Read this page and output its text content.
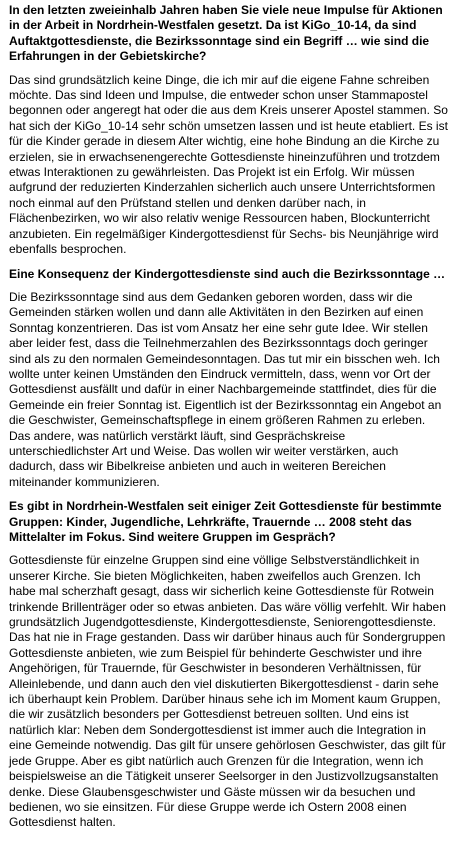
In den letzten zweieinhalb Jahren haben Sie viele neue Impulse für Aktionen in der Arbeit in Nordrhein-Westfalen gesetzt. Da ist KiGo_10-14, da sind Auftaktgottesdienste, die Bezirkssonntage sind ein Begriff … wie sind die Erfahrungen in der Gebietskirche?

Das sind grundsätzlich keine Dinge, die ich mir auf die eigene Fahne schreiben möchte. Das sind Ideen und Impulse, die entweder schon unser Stammapostel begonnen oder angeregt hat oder die aus dem Kreis unserer Apostel stammen. So hat sich der KiGo_10-14 sehr schön umsetzen lassen und ist heute etabliert. Es ist für die Kinder gerade in diesem Alter wichtig, eine hohe Bindung an die Kirche zu erzielen, sie in erwachsenengerechte Gottesdienste hineinzuführen und trotzdem etwas Interaktionen zu gewährleisten. Das Projekt ist ein Erfolg. Wir müssen aufgrund der reduzierten Kinderzahlen sicherlich auch unsere Unterrichtsformen noch einmal auf den Prüfstand stellen und denken darüber nach, in Flächenbezirken, wo wir also relativ wenige Ressourcen haben, Blockunterricht anzubieten. Ein regelmäßiger Kindergottesdienst für Sechs- bis Neunjährige wird ebenfalls besprochen.

Eine Konsequenz der Kindergottesdienste sind auch die Bezirkssonntage …

Die Bezirkssonntage sind aus dem Gedanken geboren worden, dass wir die Gemeinden stärken wollen und dann alle Aktivitäten in den Bezirken auf einen Sonntag konzentrieren. Das ist vom Ansatz her eine sehr gute Idee. Wir stellen aber leider fest, dass die Teilnehmerzahlen des Bezirkssonntags doch geringer sind als zu den normalen Gemeindesonntagen. Das tut mir ein bisschen weh. Ich wollte unter keinen Umständen den Eindruck vermitteln, dass, wenn vor Ort der Gottesdienst ausfällt und dafür in einer Nachbargemeinde stattfindet, dies für die Gemeinde ein freier Sonntag ist. Eigentlich ist der Bezirkssonntag ein Angebot an die Geschwister, Gemeinschaftspflege in einem größeren Rahmen zu erleben. Das andere, was natürlich verstärkt läuft, sind Gesprächskreise unterschiedlichster Art und Weise. Das wollen wir weiter verstärken, auch dadurch, dass wir Bibelkreise anbieten und auch in weiteren Bereichen miteinander kommunizieren.

Es gibt in Nordrhein-Westfalen seit einiger Zeit Gottesdienste für bestimmte Gruppen: Kinder, Jugendliche, Lehrkräfte, Trauernde … 2008 steht das Mittelalter im Fokus. Sind weitere Gruppen im Gespräch?

Gottesdienste für einzelne Gruppen sind eine völlige Selbstverständlichkeit in unserer Kirche. Sie bieten Möglichkeiten, haben zweifellos auch Grenzen. Ich habe mal scherzhaft gesagt, dass wir sicherlich keine Gottesdienste für Rotwein trinkende Brillenträger oder so etwas anbieten. Das wäre völlig verfehlt. Wir haben grundsätzlich Jugendgottesdienste, Kindergottesdienste, Seniorengottesdienste. Das hat nie in Frage gestanden. Dass wir darüber hinaus auch für Sondergruppen Gottesdienste anbieten, wie zum Beispiel für behinderte Geschwister und ihre Angehörigen, für Trauernde, für Geschwister in besonderen Verhältnissen, für Alleinlebende, und dann auch den viel diskutierten Bikergottesdienst - darin sehe ich überhaupt kein Problem. Darüber hinaus sehe ich im Moment kaum Gruppen, die wir zusätzlich besonders per Gottesdienst betreuen sollten. Und eins ist natürlich klar: Neben dem Sondergottesdienst ist immer auch die Integration in eine Gemeinde notwendig. Das gilt für unsere gehörlosen Geschwister, das gilt für jede Gruppe. Aber es gibt natürlich auch Grenzen für die Integration, wenn ich beispielsweise an die Tätigkeit unserer Seelsorger in den Justizvollzugsanstalten denke. Diese Glaubensgeschwister und Gäste müssen wir da besuchen und bedienen, wo sie einsitzen. Für diese Gruppe werde ich Ostern 2008 einen Gottesdienst halten.
